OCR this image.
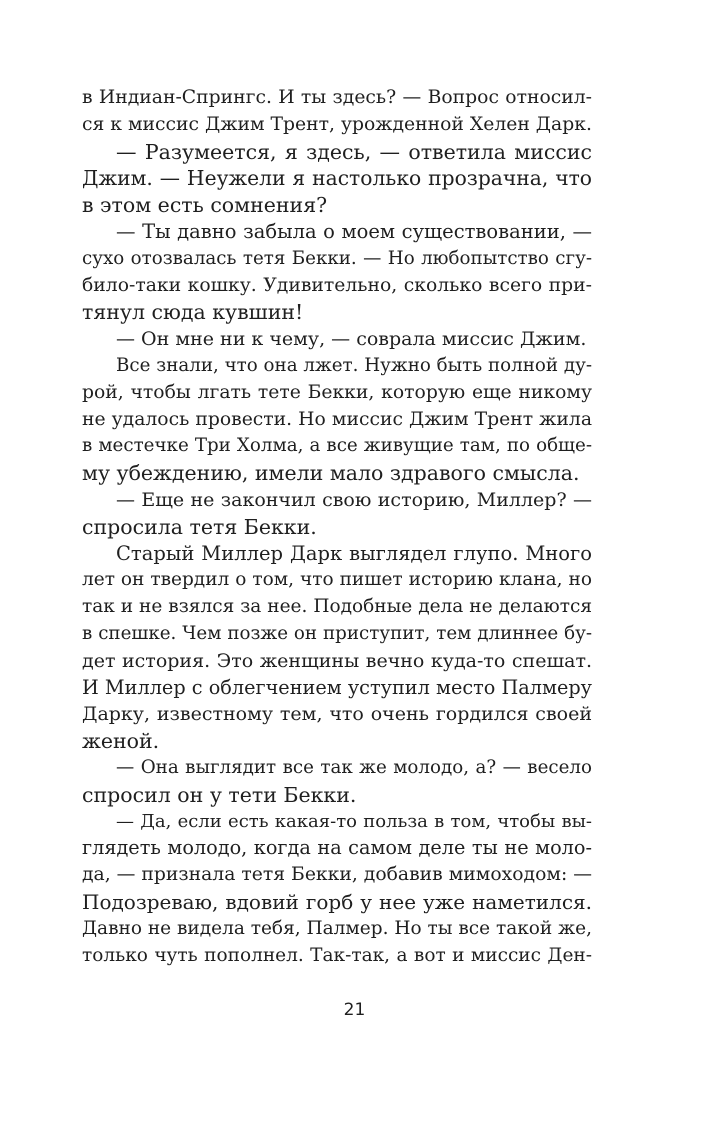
в Индиан-Спрингс. И ты здесь? — Вопрос относил-
ся к миссис Джим Трент, урожденной Хелен Дарк.
— Разумеется, я здесь, — ответила миссис
Джим. — Неужели я настолько прозрачна, что
в этом есть сомнения?
— Ты давно забыла о моем существовании, —
сухо отозвалась тетя Бекки. — Но любопытство сгу-
било-таки кошку. Удивительно, сколько всего при-
тянул сюда кувшин!
— Он мне ни к чему, — соврала миссис Джим.
Все знали, что она лжет. Нужно быть полной ду-
рой, чтобы лгать тете Бекки, которую еще никому
не удалось провести. Но миссис Джим Трент жила
в местечке Три Холма, а все живущие там, по обще-
му убеждению, имели мало здравого смысла.
— Еще не закончил свою историю, Миллер? —
спросила тетя Бекки.
Старый Миллер Дарк выглядел глупо. Много
лет он твердил о том, что пишет историю клана, но
так и не взялся за нее. Подобные дела не делаются
в спешке. Чем позже он приступит, тем длиннее бу-
дет история. Это женщины вечно куда-то спешат.
И Миллер с облегчением уступил место Палмеру
Дарку, известному тем, что очень гордился своей
женой.
— Она выглядит все так же молодо, а? — весело
спросил он у тети Бекки.
— Да, если есть какая-то польза в том, чтобы вы-
глядеть молодо, когда на самом деле ты не моло-
да, — признала тетя Бекки, добавив мимоходом: —
Подозреваю, вдовий горб у нее уже наметился.
Давно не видела тебя, Палмер. Но ты все такой же,
только чуть пополнел. Так-так, а вот и миссис Ден-
21
